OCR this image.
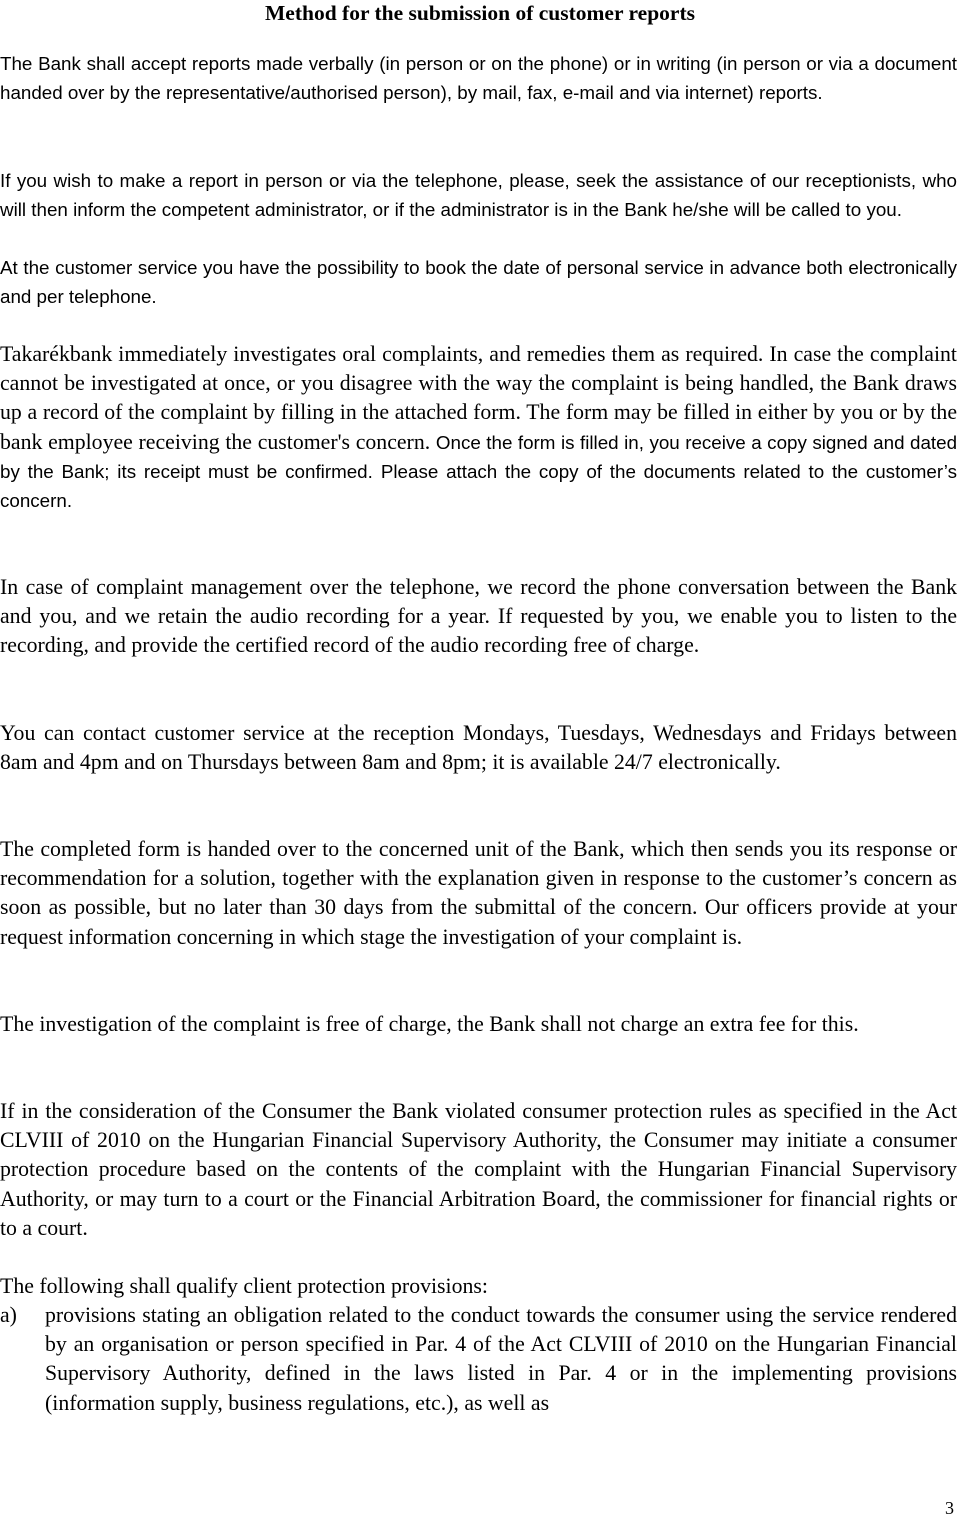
Method for the submission of customer reports

The Bank shall accept reports made verbally (in person or on the phone) or in writing (in person or via a document handed over by the representative/authorised person), by mail, fax, e-mail and via internet) reports.

If you wish to make a report in person or via the telephone, please, seek the assistance of our receptionists, who will then inform the competent administrator, or if the administrator is in the Bank he/she will be called to you.

At the customer service you have the possibility to book the date of personal service in advance both electronically and per telephone.

Takarékbank immediately investigates oral complaints, and remedies them as required. In case the complaint cannot be investigated at once, or you disagree with the way the complaint is being handled, the Bank draws up a record of the complaint by filling in the attached form. The form may be filled in either by you or by the bank employee receiving the customer's concern. Once the form is filled in, you receive a copy signed and dated by the Bank; its receipt must be confirmed. Please attach the copy of the documents related to the customer’s concern.

In case of complaint management over the telephone, we record the phone conversation between the Bank and you, and we retain the audio recording for a year. If requested by you, we enable you to listen to the recording, and provide the certified record of the audio recording free of charge.

You can contact customer service at the reception Mondays, Tuesdays, Wednesdays and Fridays between 8am and 4pm and on Thursdays between 8am and 8pm; it is available 24/7 electronically.

The completed form is handed over to the concerned unit of the Bank, which then sends you its response or recommendation for a solution, together with the explanation given in response to the customer’s concern as soon as possible, but no later than 30 days from the submittal of the concern. Our officers provide at your request information concerning in which stage the investigation of your complaint is.

The investigation of the complaint is free of charge, the Bank shall not charge an extra fee for this.

If in the consideration of the Consumer the Bank violated consumer protection rules as specified in the Act CLVIII of 2010 on the Hungarian Financial Supervisory Authority, the Consumer may initiate a consumer protection procedure based on the contents of the complaint with the Hungarian Financial Supervisory Authority, or may turn to a court or the Financial Arbitration Board, the commissioner for financial rights or to a court.

The following shall qualify client protection provisions:

a) provisions stating an obligation related to the conduct towards the consumer using the service rendered by an organisation or person specified in Par. 4 of the Act CLVIII of 2010 on the Hungarian Financial Supervisory Authority, defined in the laws listed in Par. 4 or in the implementing provisions (information supply, business regulations, etc.), as well as

3
